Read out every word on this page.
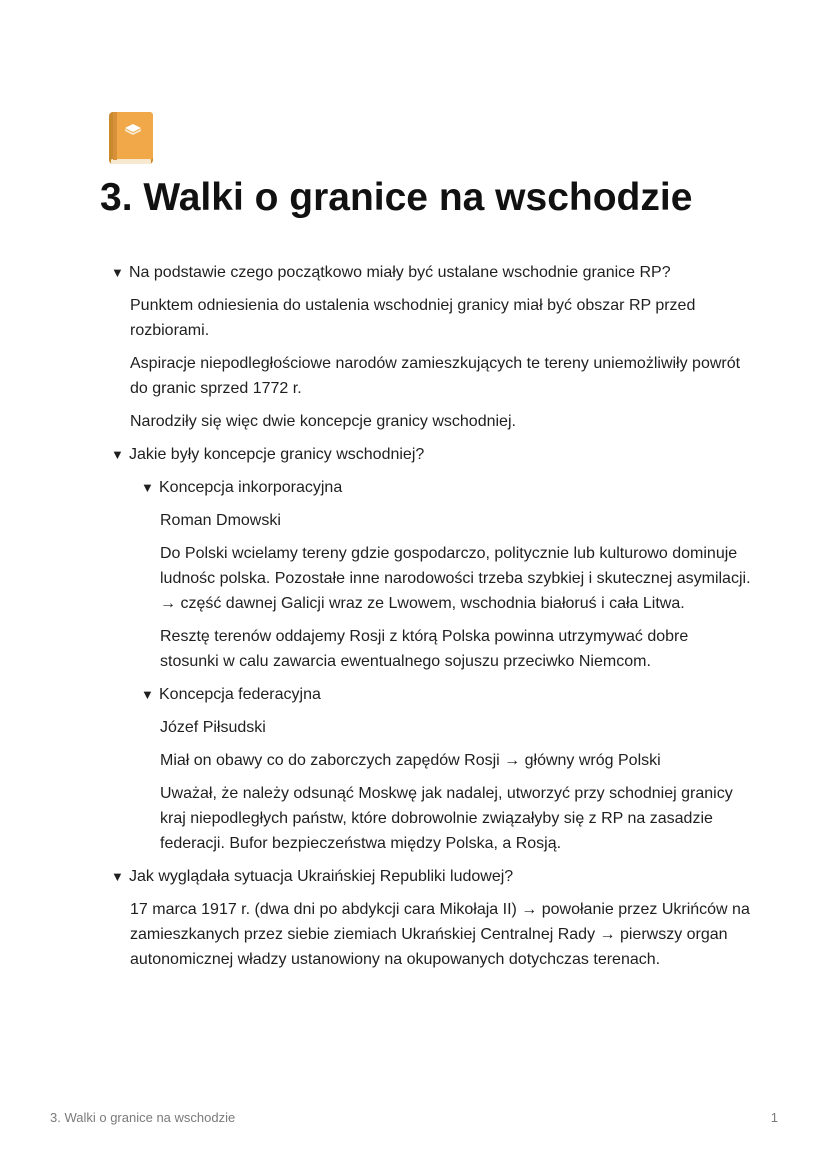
3. Walki o granice na wschodzie
▼ Na podstawie czego początkowo miały być ustalane wschodnie granice RP?

Punktem odniesienia do ustalenia wschodniej granicy miał być obszar RP przed rozbiorami.

Aspiracje niepodległościowe narodów zamieszkujących te tereny uniemożliwiły powrót do granic sprzed 1772 r.

Narodziły się więc dwie koncepcje granicy wschodniej.

▼ Jakie były koncepcje granicy wschodniej?
▼ Koncepcja inkorporacyjna

Roman Dmowski

Do Polski wcielamy tereny gdzie gospodarczo, politycznie lub kulturowo dominuje ludnośc polska. Pozostałe inne narodowości trzeba szybkiej i skutecznej asymilacji. → część dawnej Galicji wraz ze Lwowem, wschodnia białoruś i cała Litwa.

Resztę terenów oddajemy Rosji z którą Polska powinna utrzymywać dobre stosunki w calu zawarcia ewentualnego sojuszu przeciwko Niemcom.

▼ Koncepcja federacyjna

Józef Piłsudski

Miał on obawy co do zaborczych zapędów Rosji → główny wróg Polski

Uważał, że należy odsunąć Moskwę jak nadalej, utworzyć przy schodniej granicy kraj niepodległych państw, które dobrowolnie związałyby się z RP na zasadzie federacji. Bufor bezpieczeństwa między Polska, a Rosją.

▼ Jak wyglądała sytuacja Ukraińskiej Republiki ludowej?

17 marca 1917 r. (dwa dni po abdykcji cara Mikołaja II) → powołanie przez Ukrińców na zamieszkanych przez siebie ziemiach Ukrańskiej Centralnej Rady → pierwszy organ autonomicznej władzy ustanowiony na okupowanych dotychczas terenach.

3. Walki o granice na wschodzie	1
